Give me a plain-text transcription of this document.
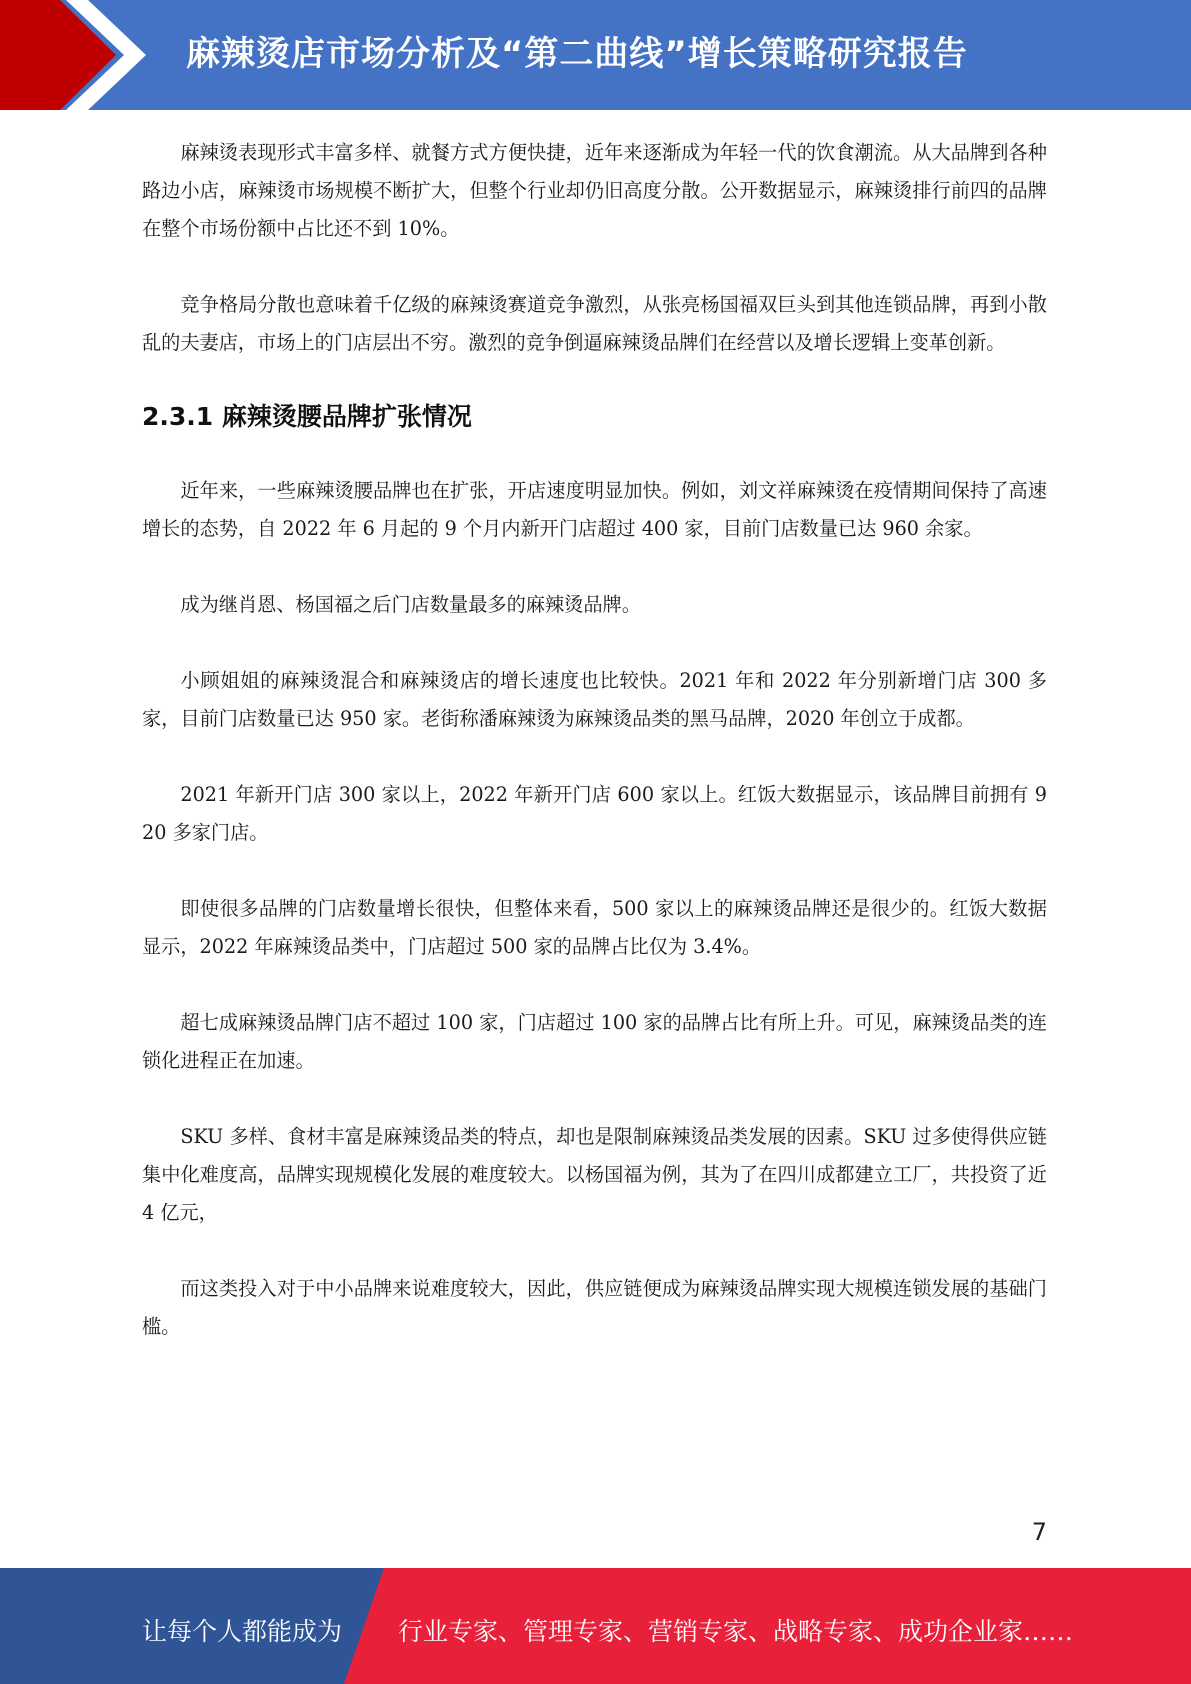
麻辣烫店市场分析及“第二曲线”增长策略研究报告

麻辣烫表现形式丰富多样、就餐方式方便快捷，近年来逐渐成为年轻一代的饮食潮流。从大品牌到各种路边小店，麻辣烫市场规模不断扩大，但整个行业却仍旧高度分散。公开数据显示，麻辣烫排行前四的品牌在整个市场份额中占比还不到 10%。

竞争格局分散也意味着千亿级的麻辣烫赛道竞争激烈，从张亮杨国福双巨头到其他连锁品牌，再到小散乱的夫妻店，市场上的门店层出不穷。激烈的竞争倒逼麻辣烫品牌们在经营以及增长逻辑上变革创新。

2.3.1 麻辣烫腰品牌扩张情况

近年来，一些麻辣烫腰品牌也在扩张，开店速度明显加快。例如，刘文祥麻辣烫在疫情期间保持了高速增长的态势，自 2022 年 6 月起的 9 个月内新开门店超过 400 家，目前门店数量已达 960 余家。

成为继肖恩、杨国福之后门店数量最多的麻辣烫品牌。

小顾姐姐的麻辣烫混合和麻辣烫店的增长速度也比较快。2021 年和 2022 年分别新增门店 300 多家，目前门店数量已达 950 家。老街称潘麻辣烫为麻辣烫品类的黑马品牌，2020 年创立于成都。

2021 年新开门店 300 家以上，2022 年新开门店 600 家以上。红饭大数据显示，该品牌目前拥有 920 多家门店。

即使很多品牌的门店数量增长很快，但整体来看，500 家以上的麻辣烫品牌还是很少的。红饭大数据显示，2022 年麻辣烫品类中，门店超过 500 家的品牌占比仅为 3.4%。

超七成麻辣烫品牌门店不超过 100 家，门店超过 100 家的品牌占比有所上升。可见，麻辣烫品类的连锁化进程正在加速。

SKU 多样、食材丰富是麻辣烫品类的特点，却也是限制麻辣烫品类发展的因素。SKU 过多使得供应链集中化难度高，品牌实现规模化发展的难度较大。以杨国福为例，其为了在四川成都建立工厂，共投资了近 4 亿元，

而这类投入对于中小品牌来说难度较大，因此，供应链便成为麻辣烫品牌实现大规模连锁发展的基础门槛。

7
让每个人都能成为 行业专家、管理专家、营销专家、战略专家、成功企业家……
